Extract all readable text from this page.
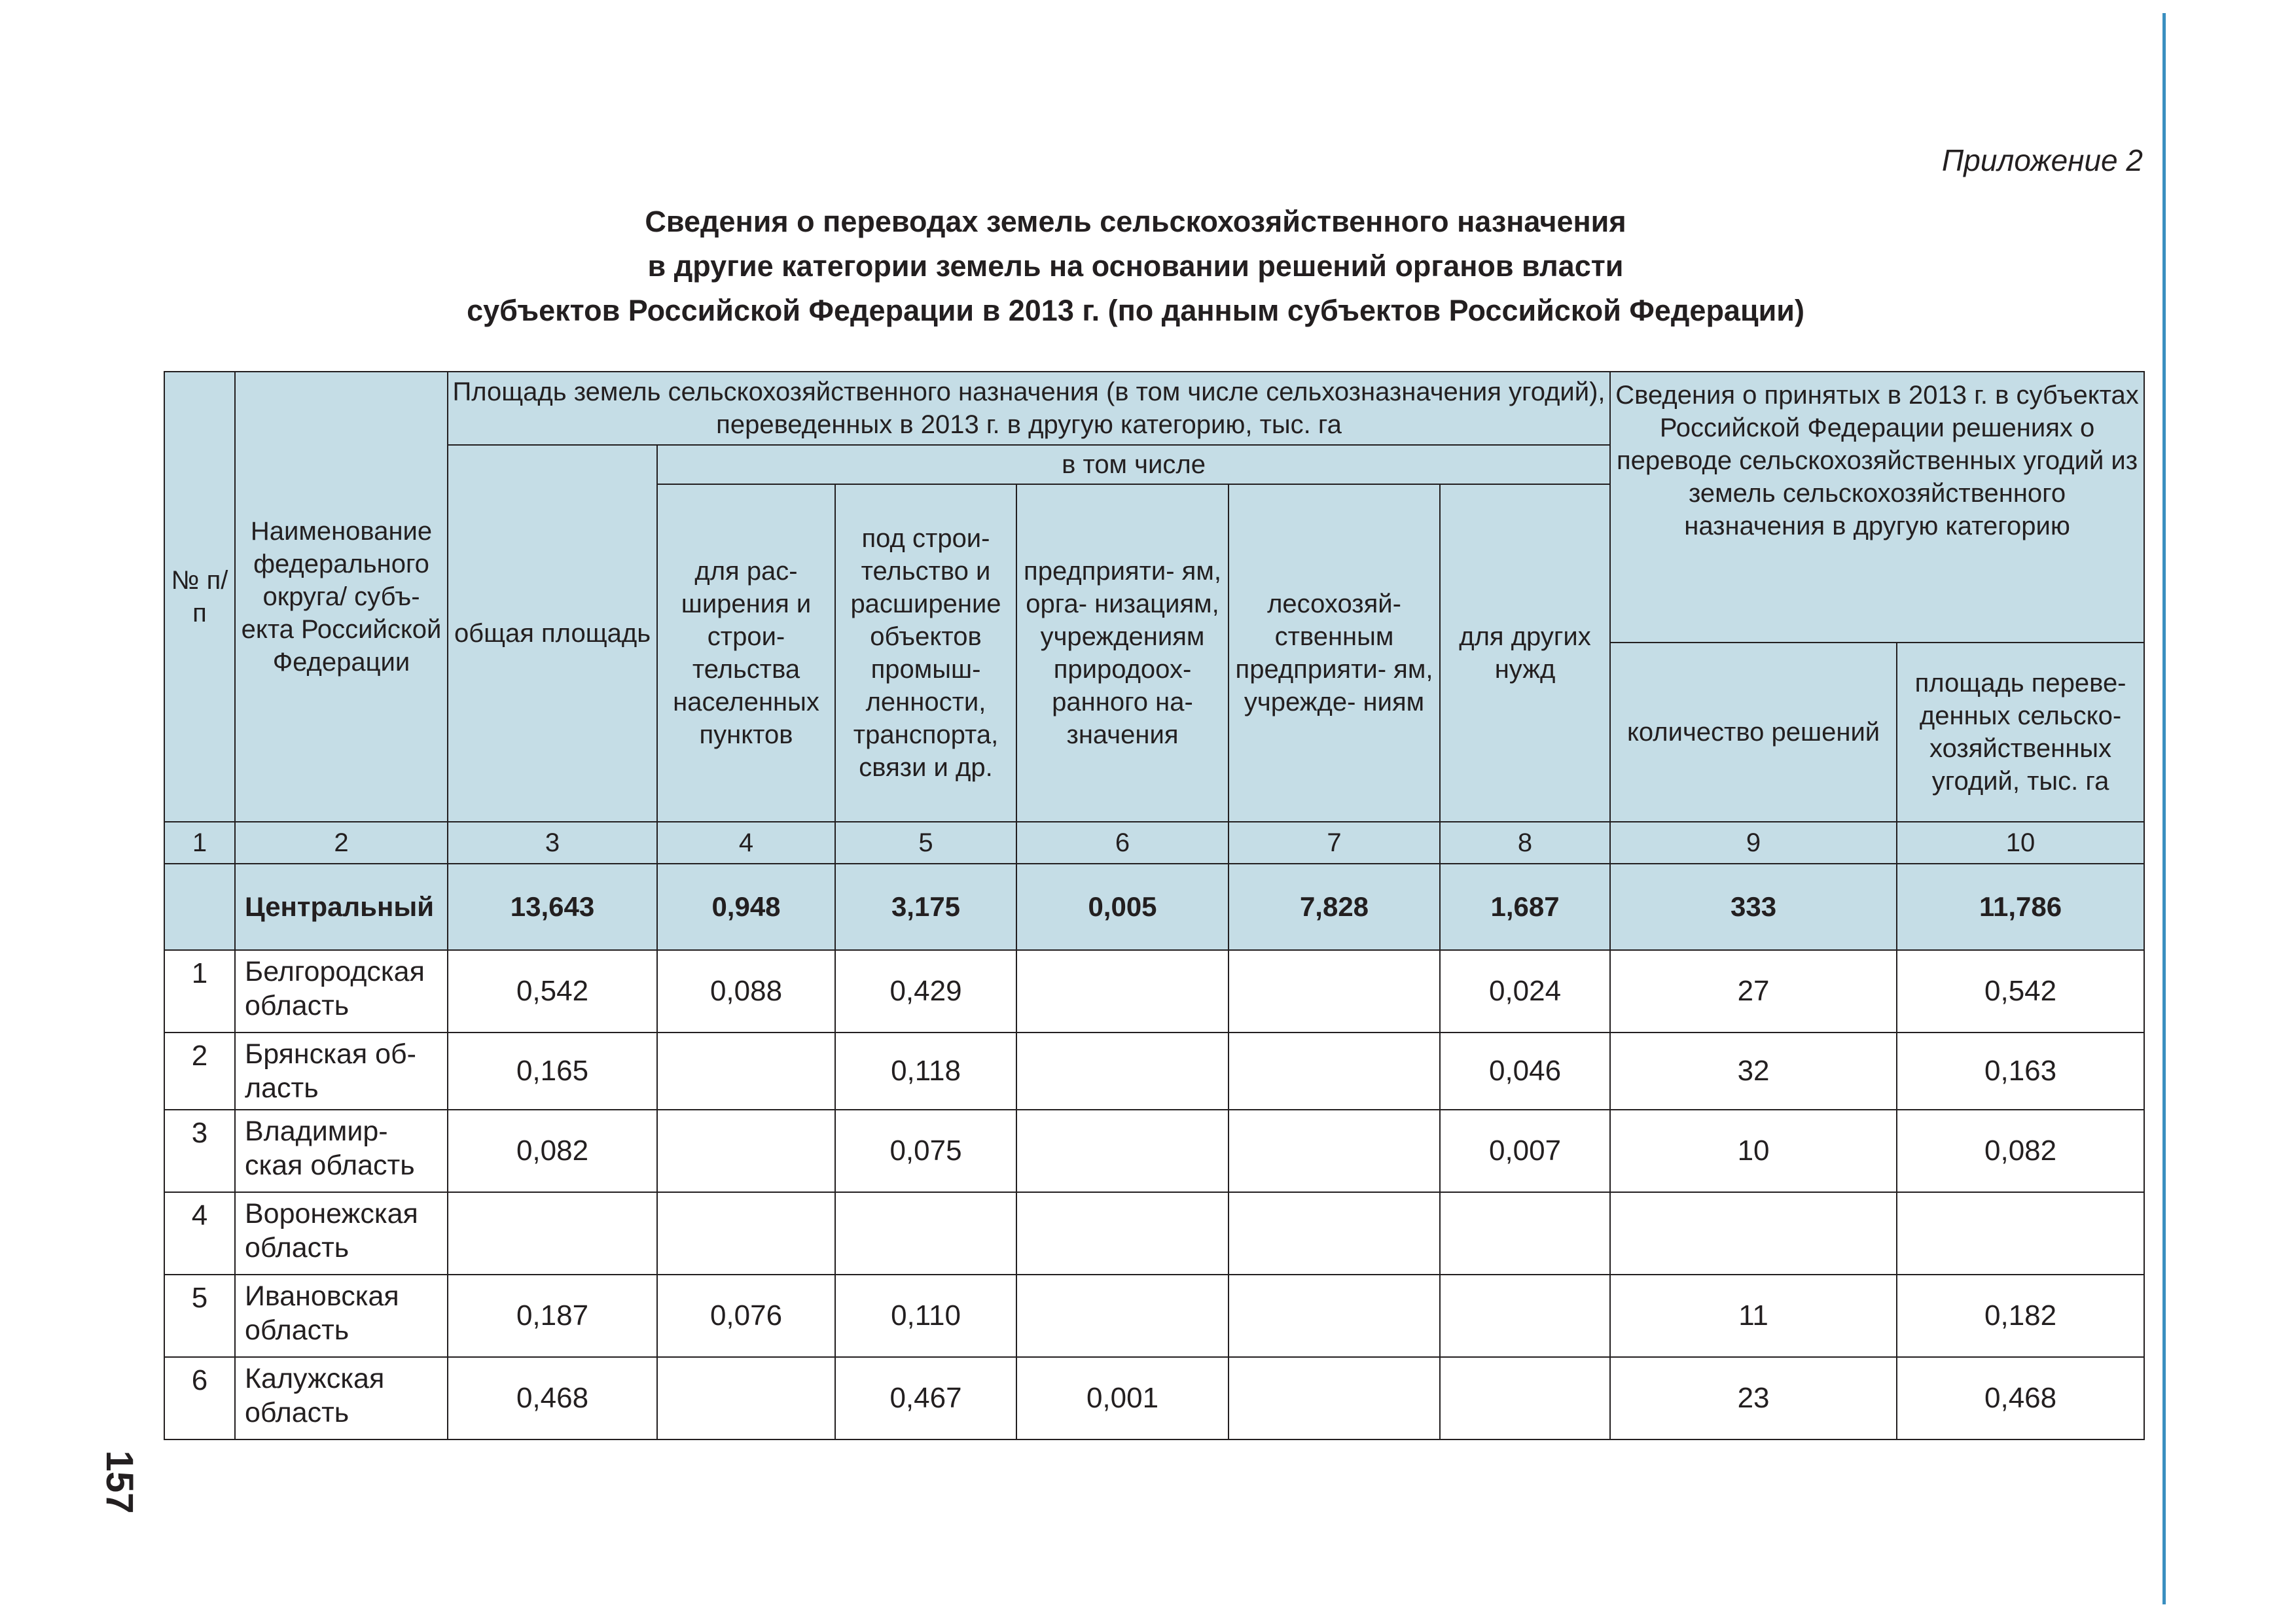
157
Приложение 2
Сведения о переводах земель сельскохозяйственного назначения
в другие категории земель на основании решений органов власти
субъектов Российской Федерации в 2013 г. (по данным субъектов Российской Федерации)
№ п/п	Наименование федерального округа/ субъ- екта Российской Федерации	Площадь земель сельскохозяйственного назначения (в том числе сельхозназначения угодий), переведенных в 2013 г. в другую категорию, тыс. га						Сведения о принятых в 2013 г. в субъектах Российской Федерации решениях о переводе сельскохозяйственных угодий из земель сельскохозяйственного назначения в другую категорию	
		общая площадь	в том числе						
			для рас- ширения и строи- тельства населенных пунктов	под строи- тельство и расширение объектов промыш- ленности, транспорта, связи и др.	предприяти- ям, орга- низациям, учреждениям природоох- ранного на- значения	лесохозяй- ственным предприяти- ям, учрежде- ниям	для других нужд		
								количество решений	площадь переве- денных сельско- хозяйственных угодий, тыс. га
1	2	3	4	5	6	7	8	9	10
	Центральный	13,643	0,948	3,175	0,005	7,828	1,687	333	11,786
1	Белгородская область	0,542	0,088	0,429			0,024	27	0,542
2	Брянская об- ласть	0,165		0,118			0,046	32	0,163
3	Владимир- ская область	0,082		0,075			0,007	10	0,082
4	Воронежская область								
5	Ивановская область	0,187	0,076	0,110				11	0,182
6	Калужская область	0,468		0,467	0,001			23	0,468
